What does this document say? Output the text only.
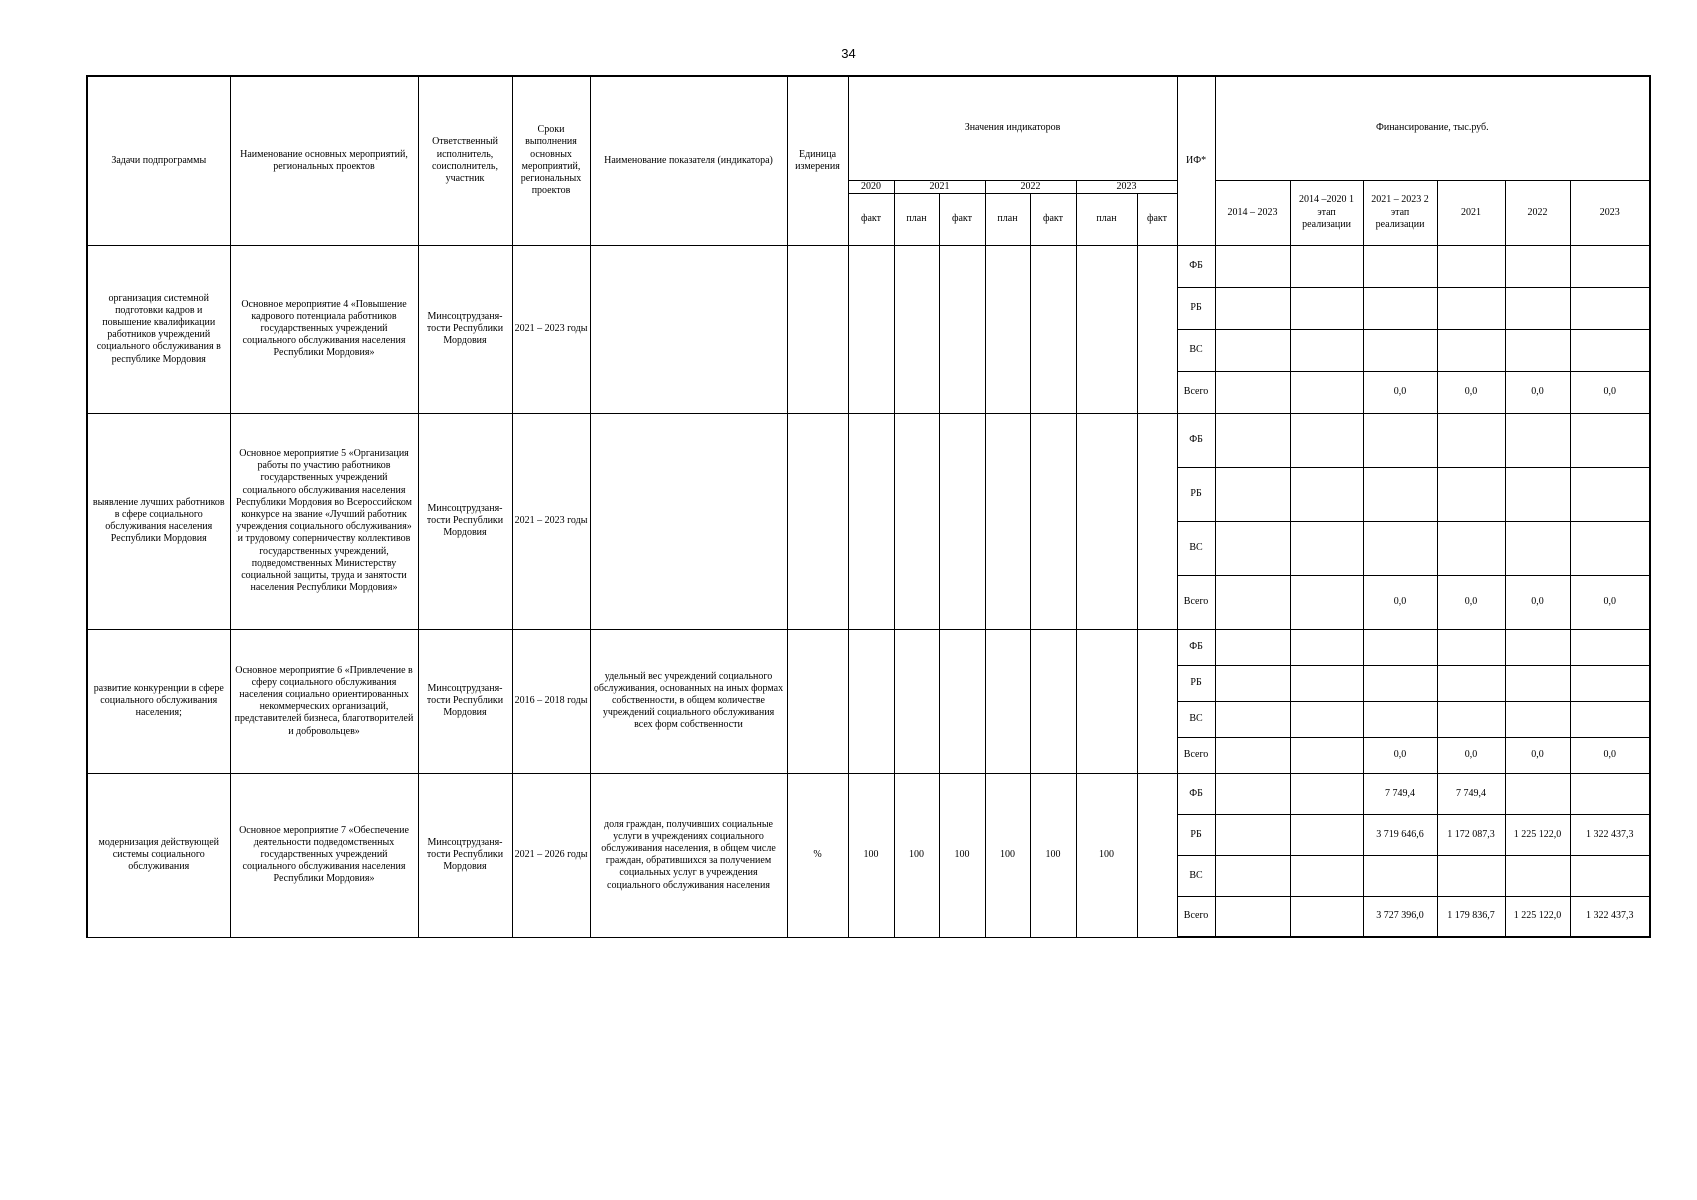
34
Задачи подпрограммы	Наименование основных мероприятий, региональных проектов	Ответственный исполнитель, соисполнитель, участник	Сроки выполнения основных мероприятий, региональных проектов	Наименование показателя (индикатора)	Единица измерения	Значения индикаторов							ИФ*	Финансирование, тыс.руб.					
						2020	2021		2022		2023			2014 – 2023	2014 –2020 1 этап реализации	2021 – 2023 2 этап реализации	2021	2022	2023
						факт	план	факт	план	факт	план	факт							
организация системной подготовки кадров и повышение квалификации работников учреждений социального обслуживания в республике Мордовия	Основное мероприятие 4 «Повышение кадрового потенциала работников государственных учреждений социального обслуживания населения Республики Мордовия»	Минсоцтрудзаня-тости Республики Мордовия	2021 – 2023 годы										ФБ						
													РБ						
													ВС						
													Всего			0,0	0,0	0,0	0,0
выявление лучших работников в сфере социального обслуживания населения Республики Мордовия	Основное мероприятие 5 «Организация работы по участию работников государственных учреждений социального обслуживания населения Республики Мордовия во Всероссийском конкурсе на звание «Лучший работник учреждения социального обслуживания» и трудовому соперничеству коллективов государственных учреждений, подведомственных Министерству социальной защиты, труда и занятости населения Республики Мордовия»	Минсоцтрудзаня-тости Республики Мордовия	2021 – 2023 годы										ФБ						
													РБ						
													ВС						
													Всего			0,0	0,0	0,0	0,0
развитие конкуренции в сфере социального обслуживания населения;	Основное мероприятие 6 «Привлечение в сферу социального обслуживания населения социально ориентированных некоммерческих организаций, представителей бизнеса, благотворителей и добровольцев»	Минсоцтрудзаня-тости Республики Мордовия	2016 – 2018 годы	удельный вес учреждений социального обслуживания, основанных на иных формах собственности, в общем количестве учреждений социального обслуживания всех форм собственности									ФБ						
													РБ						
													ВС						
													Всего			0,0	0,0	0,0	0,0
модернизация действующей системы социального обслуживания	Основное мероприятие 7 «Обеспечение деятельности подведомственных государственных учреждений социального обслуживания населения Республики Мордовия»	Минсоцтрудзаня-тости Республики Мордовия	2021 – 2026 годы	доля граждан, получивших социальные услуги в учреждениях социального обслуживания населения, в общем числе граждан, обратившихся за получением социальных услуг в учреждения социального обслуживания населения	%	100	100	100	100	100	100		ФБ			7 749,4	7 749,4		
													РБ			3 719 646,6	1 172 087,3	1 225 122,0	1 322 437,3
													ВС						
													Всего			3 727 396,0	1 179 836,7	1 225 122,0	1 322 437,3
